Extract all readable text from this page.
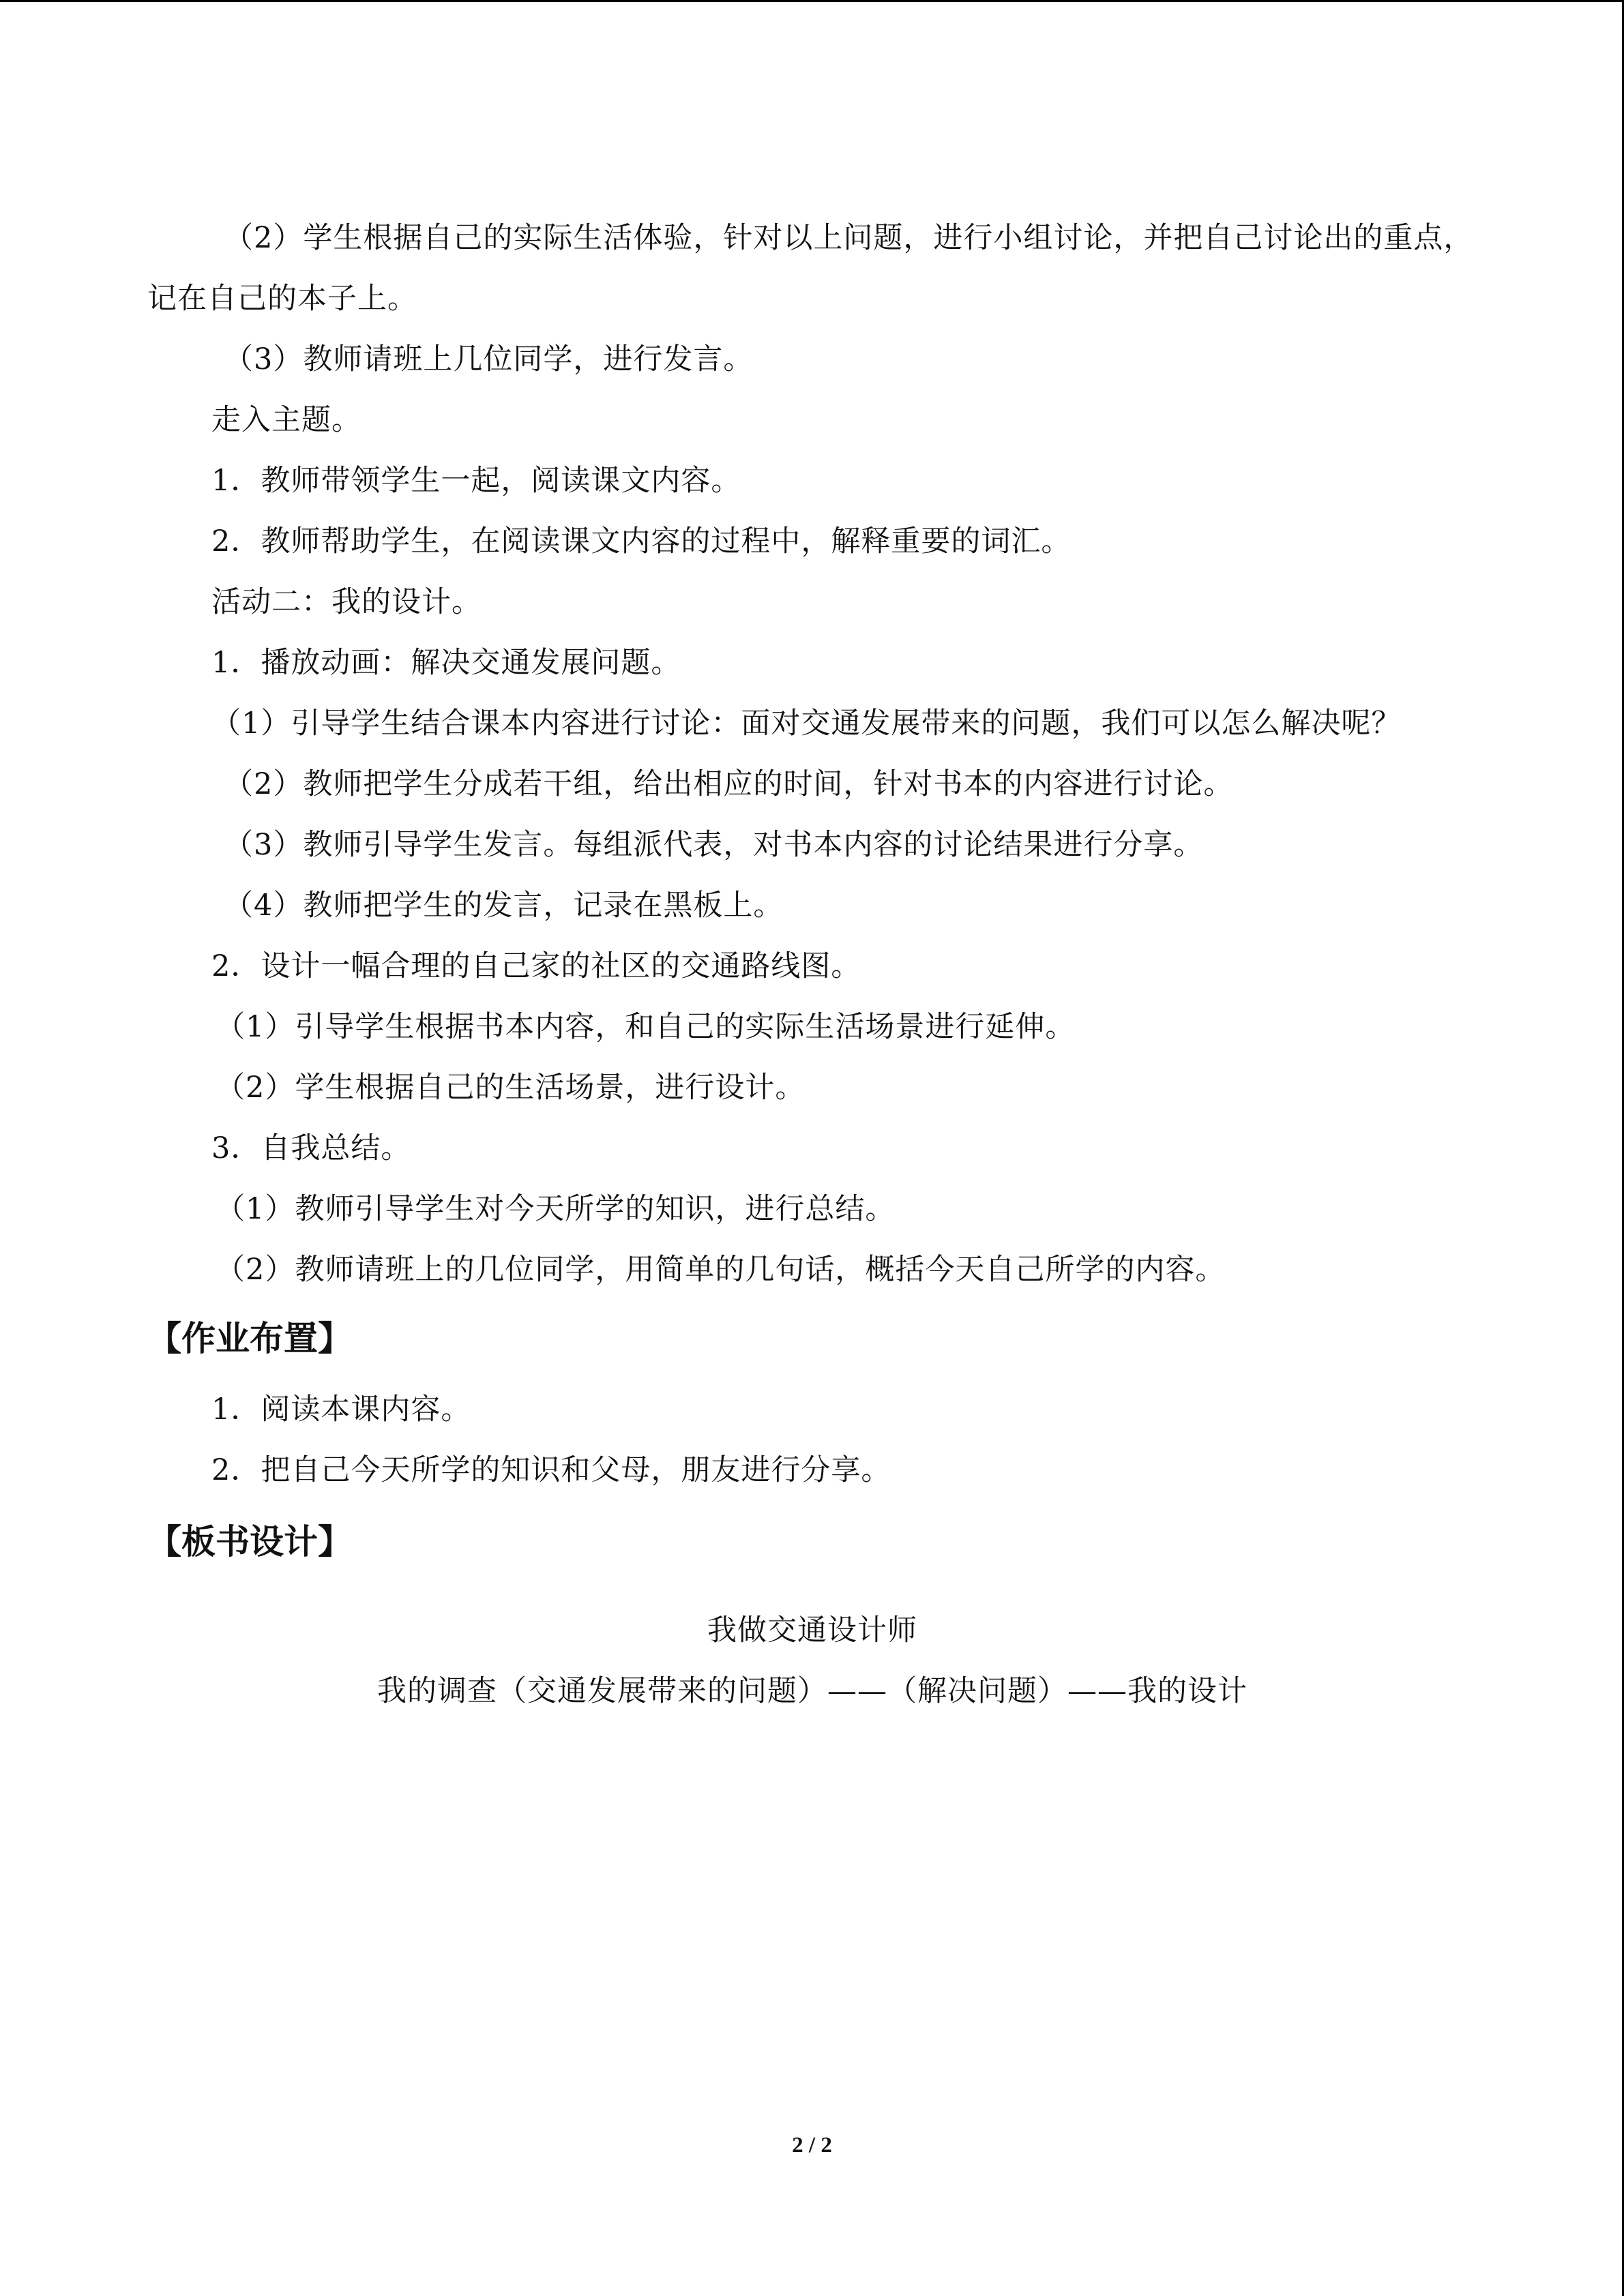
（2）学生根据自己的实际生活体验，针对以上问题，进行小组讨论，并把自己讨论出的重点，记在自己的本子上。

（3）教师请班上几位同学，进行发言。

走入主题。

1．教师带领学生一起，阅读课文内容。

2．教师帮助学生，在阅读课文内容的过程中，解释重要的词汇。

活动二：我的设计。

1．播放动画：解决交通发展问题。

（1）引导学生结合课本内容进行讨论：面对交通发展带来的问题，我们可以怎么解决呢？

（2）教师把学生分成若干组，给出相应的时间，针对书本的内容进行讨论。

（3）教师引导学生发言。每组派代表，对书本内容的讨论结果进行分享。

（4）教师把学生的发言，记录在黑板上。

2．设计一幅合理的自己家的社区的交通路线图。

（1）引导学生根据书本内容，和自己的实际生活场景进行延伸。

（2）学生根据自己的生活场景，进行设计。

3．自我总结。

（1）教师引导学生对今天所学的知识，进行总结。

（2）教师请班上的几位同学，用简单的几句话，概括今天自己所学的内容。

【作业布置】

1．阅读本课内容。

2．把自己今天所学的知识和父母，朋友进行分享。

【板书设计】

我做交通设计师

我的调查（交通发展带来的问题）——（解决问题）——我的设计

2 / 2
